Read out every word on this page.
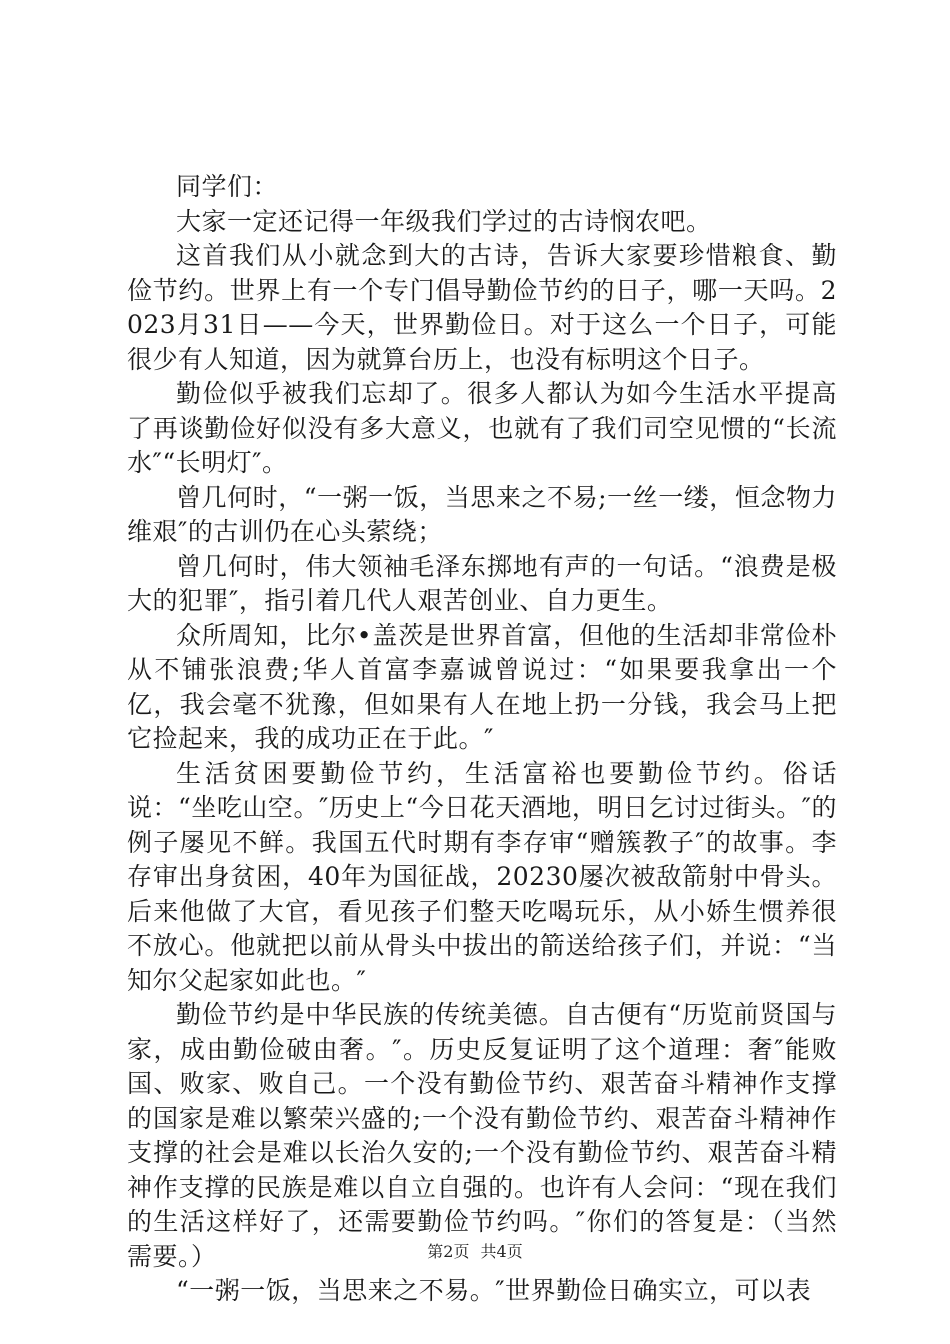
同学们：

大家一定还记得一年级我们学过的古诗悯农吧。

这首我们从小就念到大的古诗，告诉大家要珍惜粮食、勤俭节约。世界上有一个专门倡导勤俭节约的日子，哪一天吗。2023月31日——今天，世界勤俭日。对于这么一个日子，可能很少有人知道，因为就算台历上，也没有标明这个日子。

勤俭似乎被我们忘却了。很多人都认为如今生活水平提高了再谈勤俭好似没有多大意义，也就有了我们司空见惯的“长流水″“长明灯″。

曾几何时，“一粥一饭，当思来之不易;一丝一缕，恒念物力维艰″的古训仍在心头萦绕；

曾几何时，伟大领袖毛泽东掷地有声的一句话。“浪费是极大的犯罪″，指引着几代人艰苦创业、自力更生。

众所周知，比尔•盖茨是世界首富，但他的生活却非常俭朴从不铺张浪费;华人首富李嘉诚曾说过：“如果要我拿出一个亿，我会毫不犹豫，但如果有人在地上扔一分钱，我会马上把它捡起来，我的成功正在于此。″

生活贫困要勤俭节约，生活富裕也要勤俭节约。俗话说：“坐吃山空。″历史上“今日花天酒地，明日乞讨过街头。″的例子屡见不鲜。我国五代时期有李存审“赠簇教子″的故事。李存审出身贫困，40年为国征战，20230屡次被敌箭射中骨头。后来他做了大官，看见孩子们整天吃喝玩乐，从小娇生惯养很不放心。他就把以前从骨头中拔出的箭送给孩子们，并说：“当知尔父起家如此也。″

勤俭节约是中华民族的传统美德。自古便有“历览前贤国与家，成由勤俭破由奢。″。历史反复证明了这个道理：奢″能败国、败家、败自己。一个没有勤俭节约、艰苦奋斗精神作支撑的国家是难以繁荣兴盛的;一个没有勤俭节约、艰苦奋斗精神作支撑的社会是难以长治久安的;一个没有勤俭节约、艰苦奋斗精神作支撑的民族是难以自立自强的。也许有人会问：“现在我们的生活这样好了，还需要勤俭节约吗。″你们的答复是：（当然需要。）

“一粥一饭，当思来之不易。″世界勤俭日确实立，可以表

第2页 共4页
